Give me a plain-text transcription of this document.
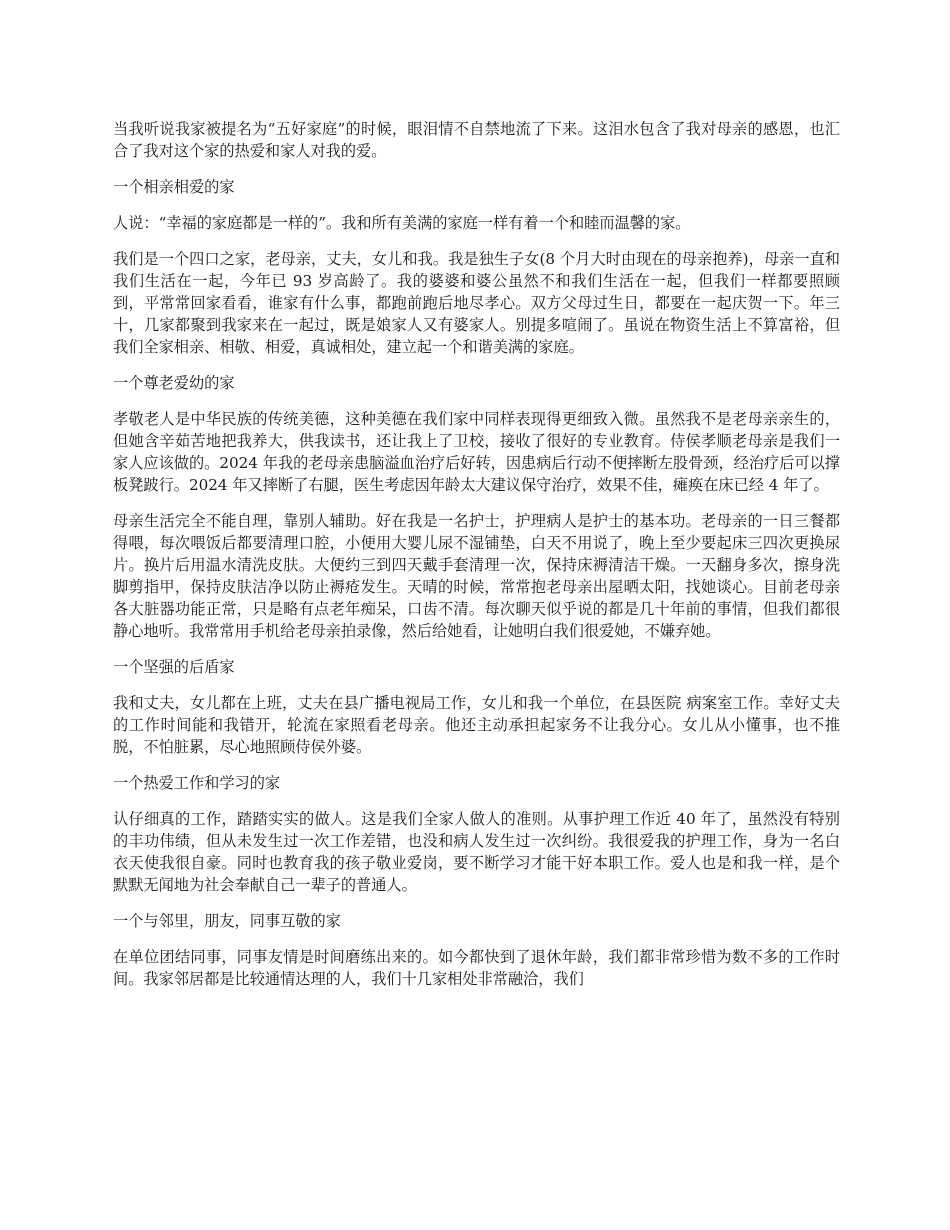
当我听说我家被提名为“五好家庭”的时候，眼泪情不自禁地流了下来。这泪水包含了我对母亲的感恩，也汇合了我对这个家的热爱和家人对我的爱。

一个相亲相爱的家

人说：“幸福的家庭都是一样的”。我和所有美满的家庭一样有着一个和睦而温馨的家。

我们是一个四口之家，老母亲，丈夫，女儿和我。我是独生子女(8 个月大时由现在的母亲抱养)，母亲一直和我们生活在一起，今年已 93 岁高龄了。我的婆婆和婆公虽然不和我们生活在一起，但我们一样都要照顾到，平常常回家看看，谁家有什么事，都跑前跑后地尽孝心。双方父母过生日，都要在一起庆贺一下。年三十，几家都聚到我家来在一起过，既是娘家人又有婆家人。别提多喧闹了。虽说在物资生活上不算富裕，但我们全家相亲、相敬、相爱，真诚相处，建立起一个和谐美满的家庭。

一个尊老爱幼的家

孝敬老人是中华民族的传统美德，这种美德在我们家中同样表现得更细致入微。虽然我不是老母亲亲生的，但她含辛茹苦地把我养大，供我读书，还让我上了卫校，接收了很好的专业教育。侍侯孝顺老母亲是我们一家人应该做的。2024 年我的老母亲患脑溢血治疗后好转，因患病后行动不便摔断左股骨颈，经治疗后可以撑板凳跛行。2024 年又摔断了右腿，医生考虑因年龄太大建议保守治疗，效果不佳，瘫痪在床已经 4 年了。

母亲生活完全不能自理，靠别人辅助。好在我是一名护士，护理病人是护士的基本功。老母亲的一日三餐都得喂，每次喂饭后都要清理口腔，小便用大婴儿尿不湿铺垫，白天不用说了，晚上至少要起床三四次更换尿片。换片后用温水清洗皮肤。大便约三到四天戴手套清理一次，保持床褥清洁干燥。一天翻身多次，擦身洗脚剪指甲，保持皮肤洁净以防止褥疮发生。天晴的时候，常常抱老母亲出屋晒太阳，找她谈心。目前老母亲各大脏器功能正常，只是略有点老年痴呆，口齿不清。每次聊天似乎说的都是几十年前的事情，但我们都很静心地听。我常常用手机给老母亲拍录像，然后给她看，让她明白我们很爱她，不嫌弃她。

一个坚强的后盾家

我和丈夫，女儿都在上班，丈夫在县广播电视局工作，女儿和我一个单位，在县医院 病案室工作。幸好丈夫的工作时间能和我错开，轮流在家照看老母亲。他还主动承担起家务不让我分心。女儿从小懂事，也不推脱，不怕脏累，尽心地照顾侍侯外婆。

一个热爱工作和学习的家

认仔细真的工作，踏踏实实的做人。这是我们全家人做人的准则。从事护理工作近 40 年了，虽然没有特别的丰功伟绩，但从未发生过一次工作差错，也没和病人发生过一次纠纷。我很爱我的护理工作，身为一名白衣天使我很自豪。同时也教育我的孩子敬业爱岗，要不断学习才能干好本职工作。爱人也是和我一样，是个默默无闻地为社会奉献自己一辈子的普通人。

一个与邻里，朋友，同事互敬的家

在单位团结同事，同事友情是时间磨练出来的。如今都快到了退休年龄，我们都非常珍惜为数不多的工作时间。我家邻居都是比较通情达理的人，我们十几家相处非常融洽，我们
